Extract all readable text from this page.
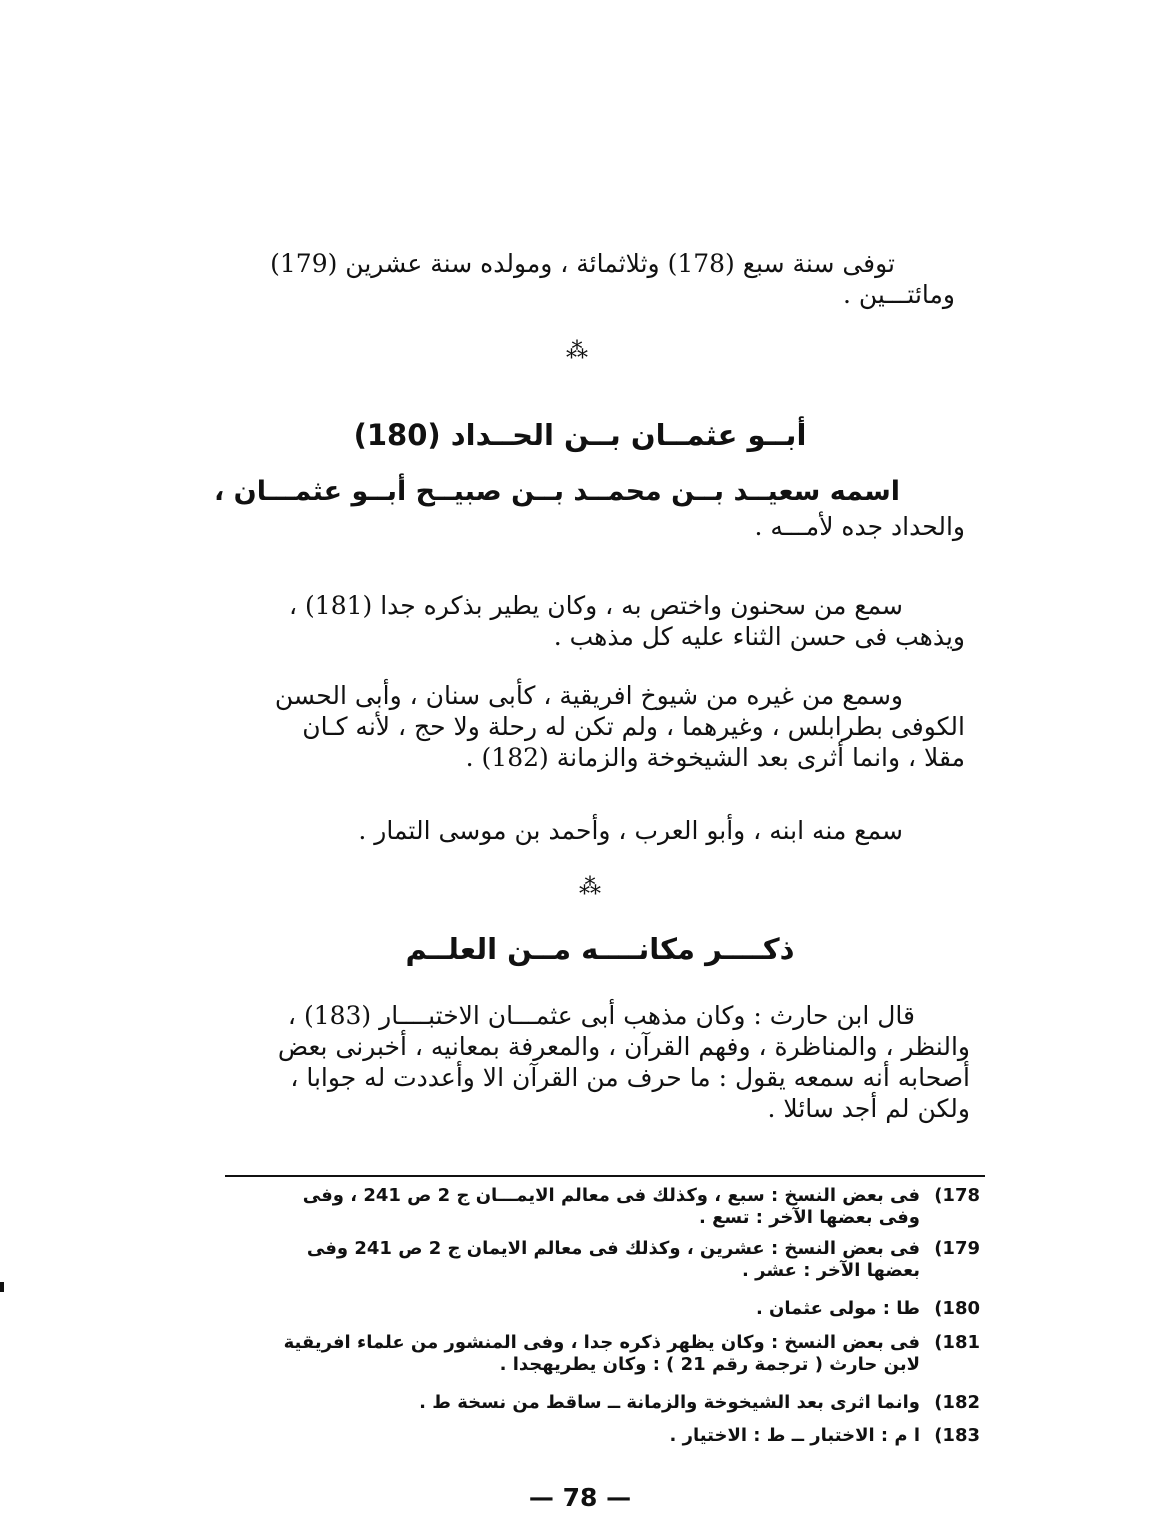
توفى سنة سبع (178) وثلاثمائة ، ومولده سنة عشرين (179)
ومائتـــين .
⁂
أبــو عثمــان بــن الحــداد (180)
اسمه سعيــد بــن محمــد بــن صبيــح أبــو عثمـــان ،
والحداد جده لأمـــه .
سمع من سحنون واختص به ، وكان يطير بذكره جدا (181) ،
ويذهب فى حسن الثناء عليه كل مذهب .
وسمع من غيره من شيوخ افريقية ، كأبى سنان ، وأبى الحسن
الكوفى بطرابلس ، وغيرهما ، ولم تكن له رحلة ولا حج ، لأنه كـان
مقلا ، وانما أثرى بعد الشيخوخة والزمانة (182) .
سمع منه ابنه ، وأبو العرب ، وأحمد بن موسى التمار .
⁂
ذكــــر مكانــــه مــن العلــم
قال ابن حارث : وكان مذهب أبى عثمـــان الاختبــــار (183) ،
والنظر ، والمناظرة ، وفهم القرآن ، والمعرفة بمعانيه ، أخبرنى بعض
أصحابه أنه سمعه يقول : ما حرف من القرآن الا وأعددت له جوابا ،
ولكن لم أجد سائلا .
178)
فى بعض النسخ : سبع ، وكذلك فى معالم الايمـــان ج 2 ص 241 ، وفى
وفى بعضها الآخر : تسع .
179)
فى بعض النسخ : عشرين ، وكذلك فى معالم الايمان ج 2 ص 241 وفى
بعضها الآخر : عشر .
180)
طا : مولى عثمان .
181)
فى بعض النسخ : وكان يظهر ذكره جدا ، وفى المنشور من علماء افريقية
لابن حارث ( ترجمة رقم 21 ) : وكان يطريهجدا .
182)
وانما اثرى بعد الشيخوخة والزمانة ــ ساقط من نسخة ط .
183)
ا م : الاختبار ــ ط : الاختيار .
— 78 —
